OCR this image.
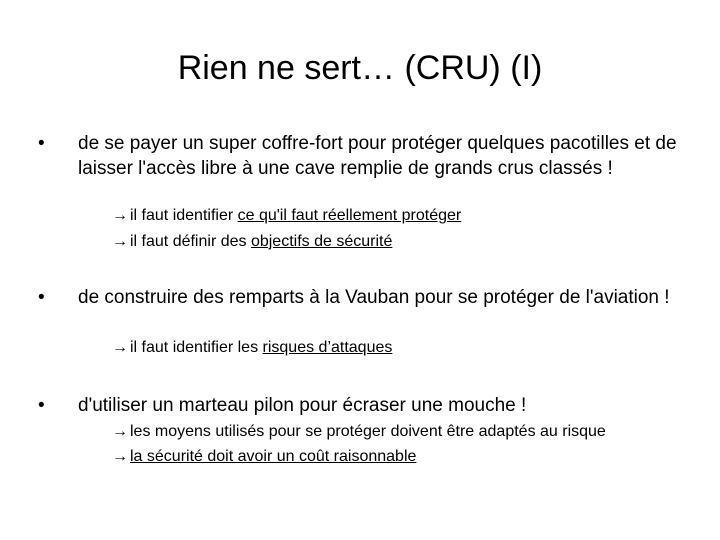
Rien ne sert… (CRU) (I)
•	de se payer un super coffre-fort pour protéger quelques pacotilles et de laisser l'accès libre à une cave remplie de grands crus classés !
→ il faut identifier ce qu'il faut réellement protéger
→ il faut définir des objectifs de sécurité
•	de construire des remparts à la Vauban pour se protéger de l'aviation !
→ il faut identifier les risques d’attaques
•	d'utiliser un marteau pilon pour écraser une mouche !
→ les moyens utilisés pour se protéger doivent être adaptés au risque
→ la sécurité doit avoir un coût raisonnable
